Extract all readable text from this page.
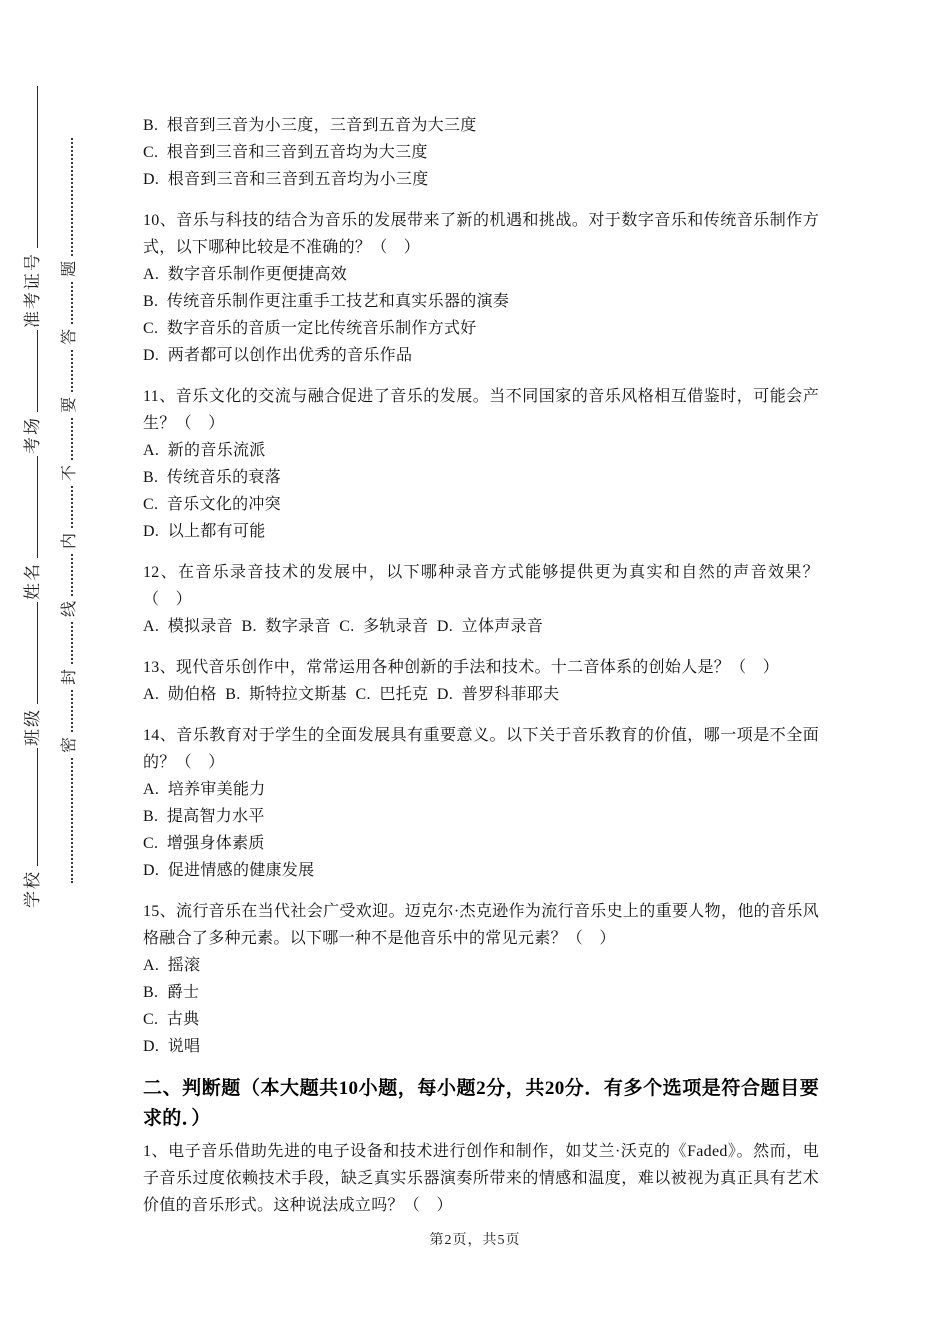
学校班级姓名考场准考证号
密封线内不要答题
B.  根音到三音为小三度，三音到五音为大三度
C.  根音到三音和三音到五音均为大三度
D.  根音到三音和三音到五音均为小三度
10、音乐与科技的结合为音乐的发展带来了新的机遇和挑战。对于数字音乐和传统音乐制作方式，以下哪种比较是不准确的？（　）
A.  数字音乐制作更便捷高效
B.  传统音乐制作更注重手工技艺和真实乐器的演奏
C.  数字音乐的音质一定比传统音乐制作方式好
D.  两者都可以创作出优秀的音乐作品
11、音乐文化的交流与融合促进了音乐的发展。当不同国家的音乐风格相互借鉴时，可能会产生？（　）
A.  新的音乐流派
B.  传统音乐的衰落
C.  音乐文化的冲突
D.  以上都有可能
12、在音乐录音技术的发展中，以下哪种录音方式能够提供更为真实和自然的声音效果？（　）
A.  模拟录音  B.  数字录音  C.  多轨录音  D.  立体声录音
13、现代音乐创作中，常常运用各种创新的手法和技术。十二音体系的创始人是？（　）
A.  勋伯格  B.  斯特拉文斯基  C.  巴托克  D.  普罗科菲耶夫
14、音乐教育对于学生的全面发展具有重要意义。以下关于音乐教育的价值，哪一项是不全面的？（　）
A.  培养审美能力
B.  提高智力水平
C.  增强身体素质
D.  促进情感的健康发展
15、流行音乐在当代社会广受欢迎。迈克尔·杰克逊作为流行音乐史上的重要人物，他的音乐风格融合了多种元素。以下哪一种不是他音乐中的常见元素？（　）
A.  摇滚
B.  爵士
C.  古典
D.  说唱
二、判断题（本大题共10小题，每小题2分，共20分．有多个选项是符合题目要求的．）
1、电子音乐借助先进的电子设备和技术进行创作和制作，如艾兰·沃克的《Faded》。然而，电子音乐过度依赖技术手段，缺乏真实乐器演奏所带来的情感和温度，难以被视为真正具有艺术价值的音乐形式。这种说法成立吗？（　）
第2页，共5页
